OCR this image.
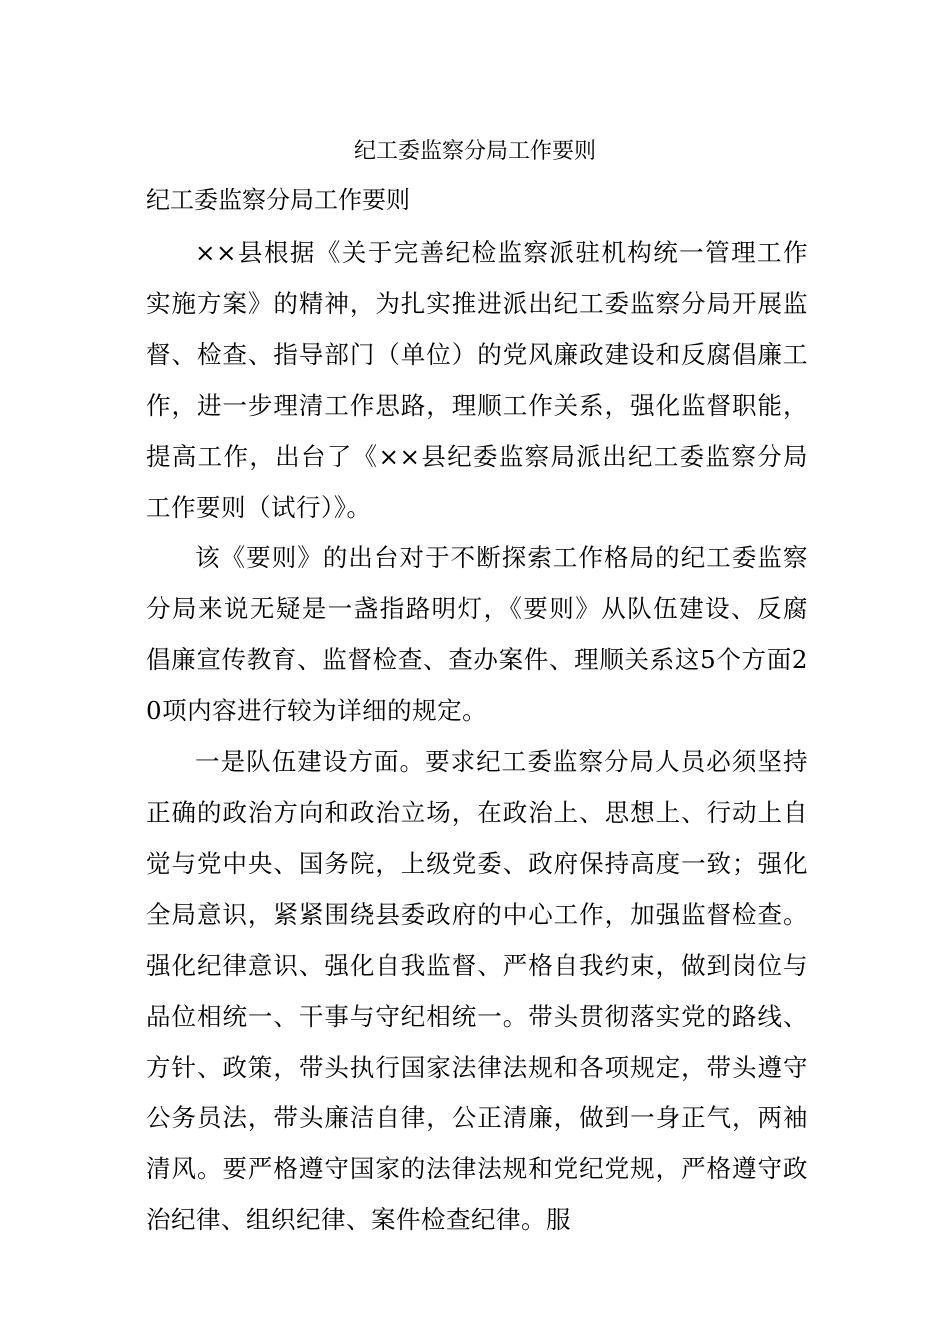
纪工委监察分局工作要则
纪工委监察分局工作要则

××县根据《关于完善纪检监察派驻机构统一管理工作实施方案》的精神，为扎实推进派出纪工委监察分局开展监督、检查、指导部门（单位）的党风廉政建设和反腐倡廉工作，进一步理清工作思路，理顺工作关系，强化监督职能，提高工作，出台了《××县纪委监察局派出纪工委监察分局工作要则（试行）》。

该《要则》的出台对于不断探索工作格局的纪工委监察分局来说无疑是一盏指路明灯，《要则》从队伍建设、反腐倡廉宣传教育、监督检查、查办案件、理顺关系这5个方面20项内容进行较为详细的规定。

一是队伍建设方面。要求纪工委监察分局人员必须坚持正确的政治方向和政治立场，在政治上、思想上、行动上自觉与党中央、国务院，上级党委、政府保持高度一致；强化全局意识，紧紧围绕县委政府的中心工作，加强监督检查。强化纪律意识、强化自我监督、严格自我约束，做到岗位与品位相统一、干事与守纪相统一。带头贯彻落实党的路线、方针、政策，带头执行国家法律法规和各项规定，带头遵守公务员法，带头廉洁自律，公正清廉，做到一身正气，两袖清风。要严格遵守国家的法律法规和党纪党规，严格遵守政治纪律、组织纪律、案件检查纪律。服
